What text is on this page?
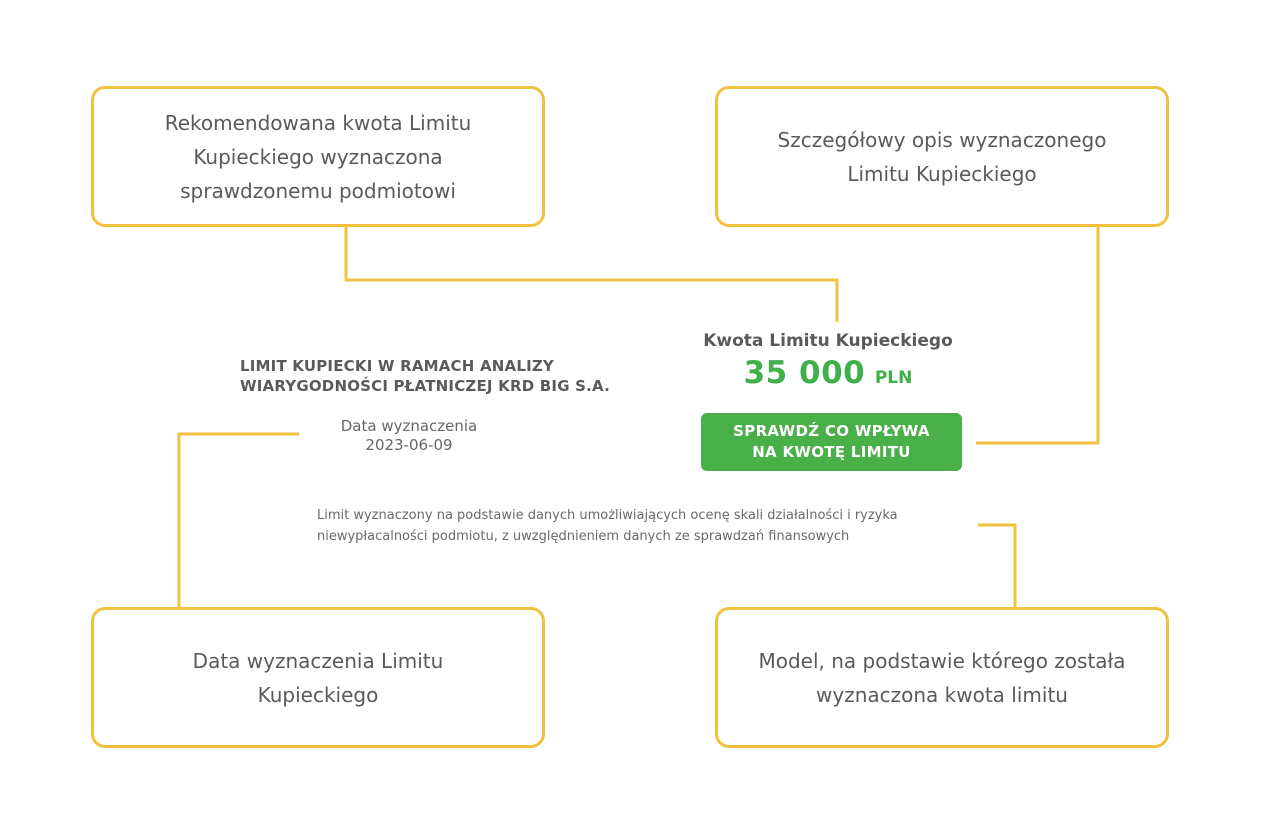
Rekomendowana kwota Limitu Kupieckiego wyznaczona sprawdzonemu podmiotowi
Szczegółowy opis wyznaczonego Limitu Kupieckiego
Data wyznaczenia Limitu Kupieckiego
Model, na podstawie którego została wyznaczona kwota limitu
LIMIT KUPIECKI W RAMACH ANALIZY WIARYGODNOŚCI PŁATNICZEJ KRD BIG S.A.
Data wyznaczenia
2023-06-09
Kwota Limitu Kupieckiego
35 000 PLN
SPRAWDŹ CO WPŁYWA NA KWOTĘ LIMITU
Limit wyznaczony na podstawie danych umożliwiających ocenę skali działalności i ryzyka niewypłacalności podmiotu, z uwzględnieniem danych ze sprawdzań finansowych
